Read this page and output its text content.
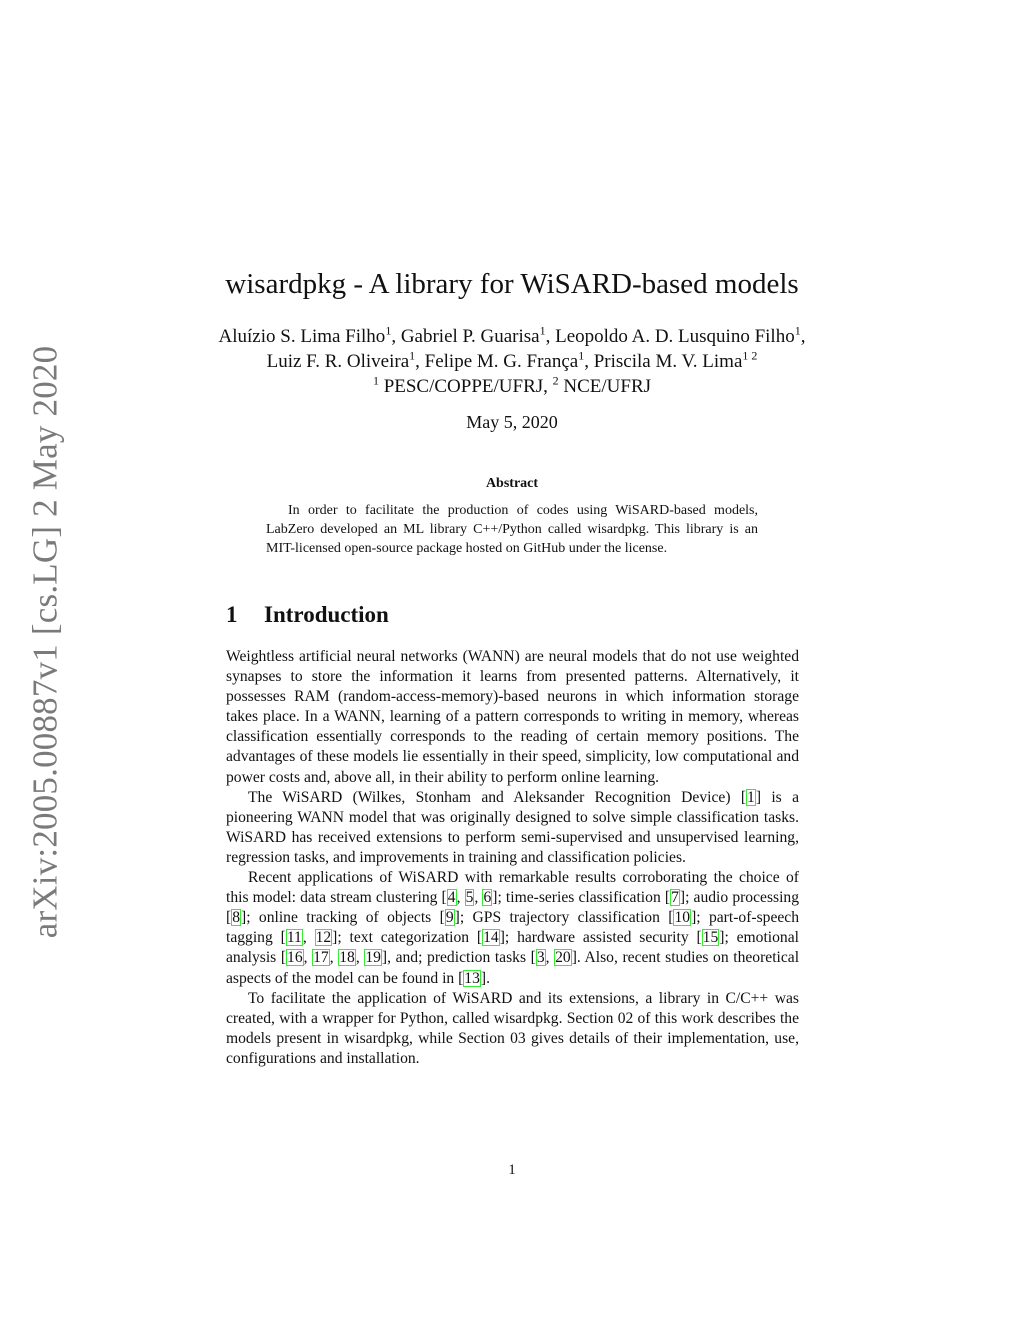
arXiv:2005.00887v1 [cs.LG] 2 May 2020
wisardpkg - A library for WiSARD-based models
Aluízio S. Lima Filho$^1$, Gabriel P. Guarisa$^1$, Leopoldo A. D. Lusquino Filho$^1$,
Luiz F. R. Oliveira$^1$, Felipe M. G. França$^1$, Priscila M. V. Lima$^{1 2}$
$^1$ PESC/COPPE/UFRJ, $^2$ NCE/UFRJ
May 5, 2020
Abstract

In order to facilitate the production of codes using WiSARD-based models, LabZero developed an ML library C++/Python called wisardpkg. This library is an MIT-licensed open-source package hosted on GitHub under the license.

1 Introduction

Weightless artificial neural networks (WANN) are neural models that do not use weighted synapses to store the information it learns from presented patterns. Alternatively, it possesses RAM (random-access-memory)-based neurons in which information storage takes place. In a WANN, learning of a pattern corresponds to writing in memory, whereas classification essentially corresponds to the reading of certain memory positions. The advantages of these models lie essentially in their speed, simplicity, low computational and power costs and, above all, in their ability to perform online learning.

The WiSARD (Wilkes, Stonham and Aleksander Recognition Device) [1] is a pioneering WANN model that was originally designed to solve simple classification tasks. WiSARD has received extensions to perform semi-supervised and unsupervised learning, regression tasks, and improvements in training and classification policies.

Recent applications of WiSARD with remarkable results corroborating the choice of this model: data stream clustering [4, 5, 6]; time-series classification [7]; audio processing [8]; online tracking of objects [9]; GPS trajectory classification [10]; part-of-speech tagging [11, 12]; text categorization [14]; hardware assisted security [15]; emotional analysis [16, 17, 18, 19], and; prediction tasks [3, 20]. Also, recent studies on theoretical aspects of the model can be found in [13].

To facilitate the application of WiSARD and its extensions, a library in C/C++ was created, with a wrapper for Python, called wisardpkg. Section 02 of this work describes the models present in wisardpkg, while Section 03 gives details of their implementation, use, configurations and installation.

1
